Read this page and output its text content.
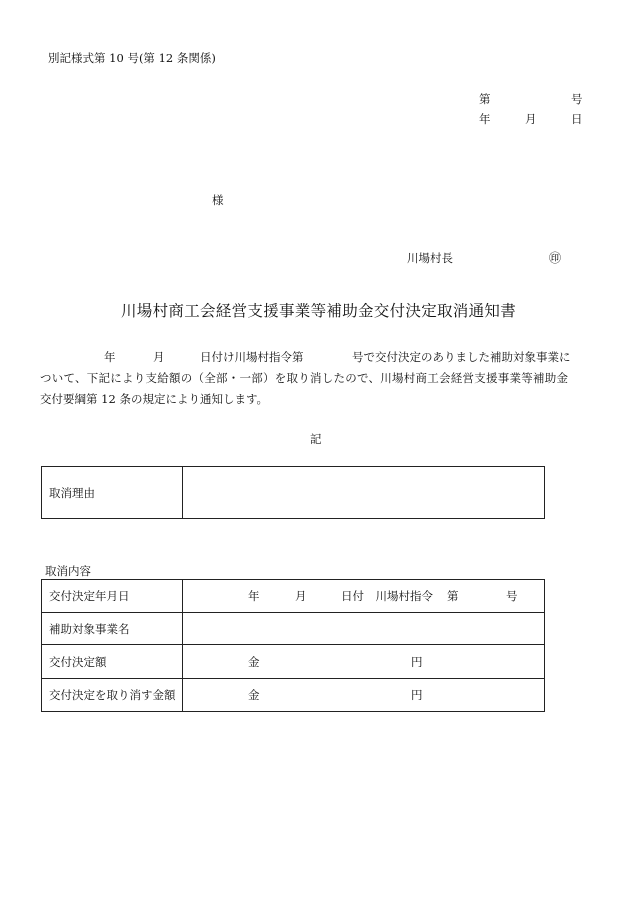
別記様式第 10 号(第 12 条関係)
第	号
年	月	日
様
川場村長	㊞
川場村商工会経営支援事業等補助金交付決定取消通知書
年	月	日付け川場村指令第	号で交付決定のありました補助対象事業に
ついて、下記により支給額の（全部・一部）を取り消したので、川場村商工会経営支援事業等補助金
交付要綱第 12 条の規定により通知します。
記
取消理由	
取消内容
交付決定年月日	年 月 日付　川場村指令 第 号

補助対象事業名	
交付決定額	金 円

交付決定を取り消す金額	金 円
